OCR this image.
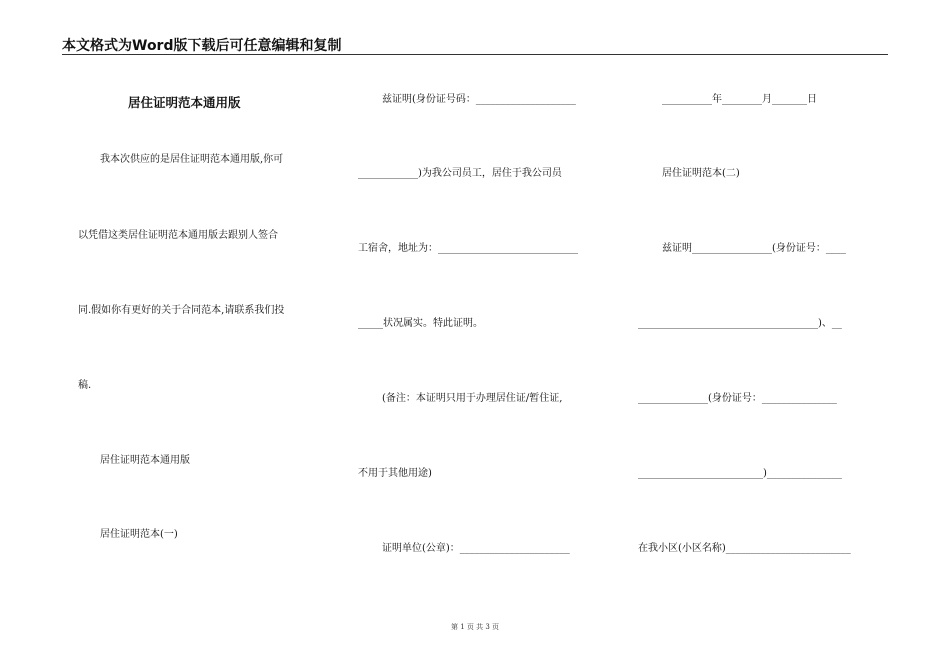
本文格式为Word版下载后可任意编辑和复制
居住证明范本通用版
我本次供应的是居住证明范本通用版,你可
以凭借这类居住证明范本通用版去跟别人签合
同.假如你有更好的关于合同范本,请联系我们投
稿.
居住证明范本通用版
居住证明范本(一)
兹证明(身份证号码：____________________
____________)为我公司员工，居住于我公司员
工宿舍，地址为：____________________________
_____状况属实。特此证明。
(备注：本证明只用于办理居住证/暂住证,
不用于其他用途)
证明单位(公章)：______________________
__________年________月_______日
居住证明范本(二)
兹证明________________(身份证号：____
____________________________________)、__
______________(身份证号：_______________
_________________________)_______________
在我小区(小区名称)_________________________
第 1 页 共 3 页
